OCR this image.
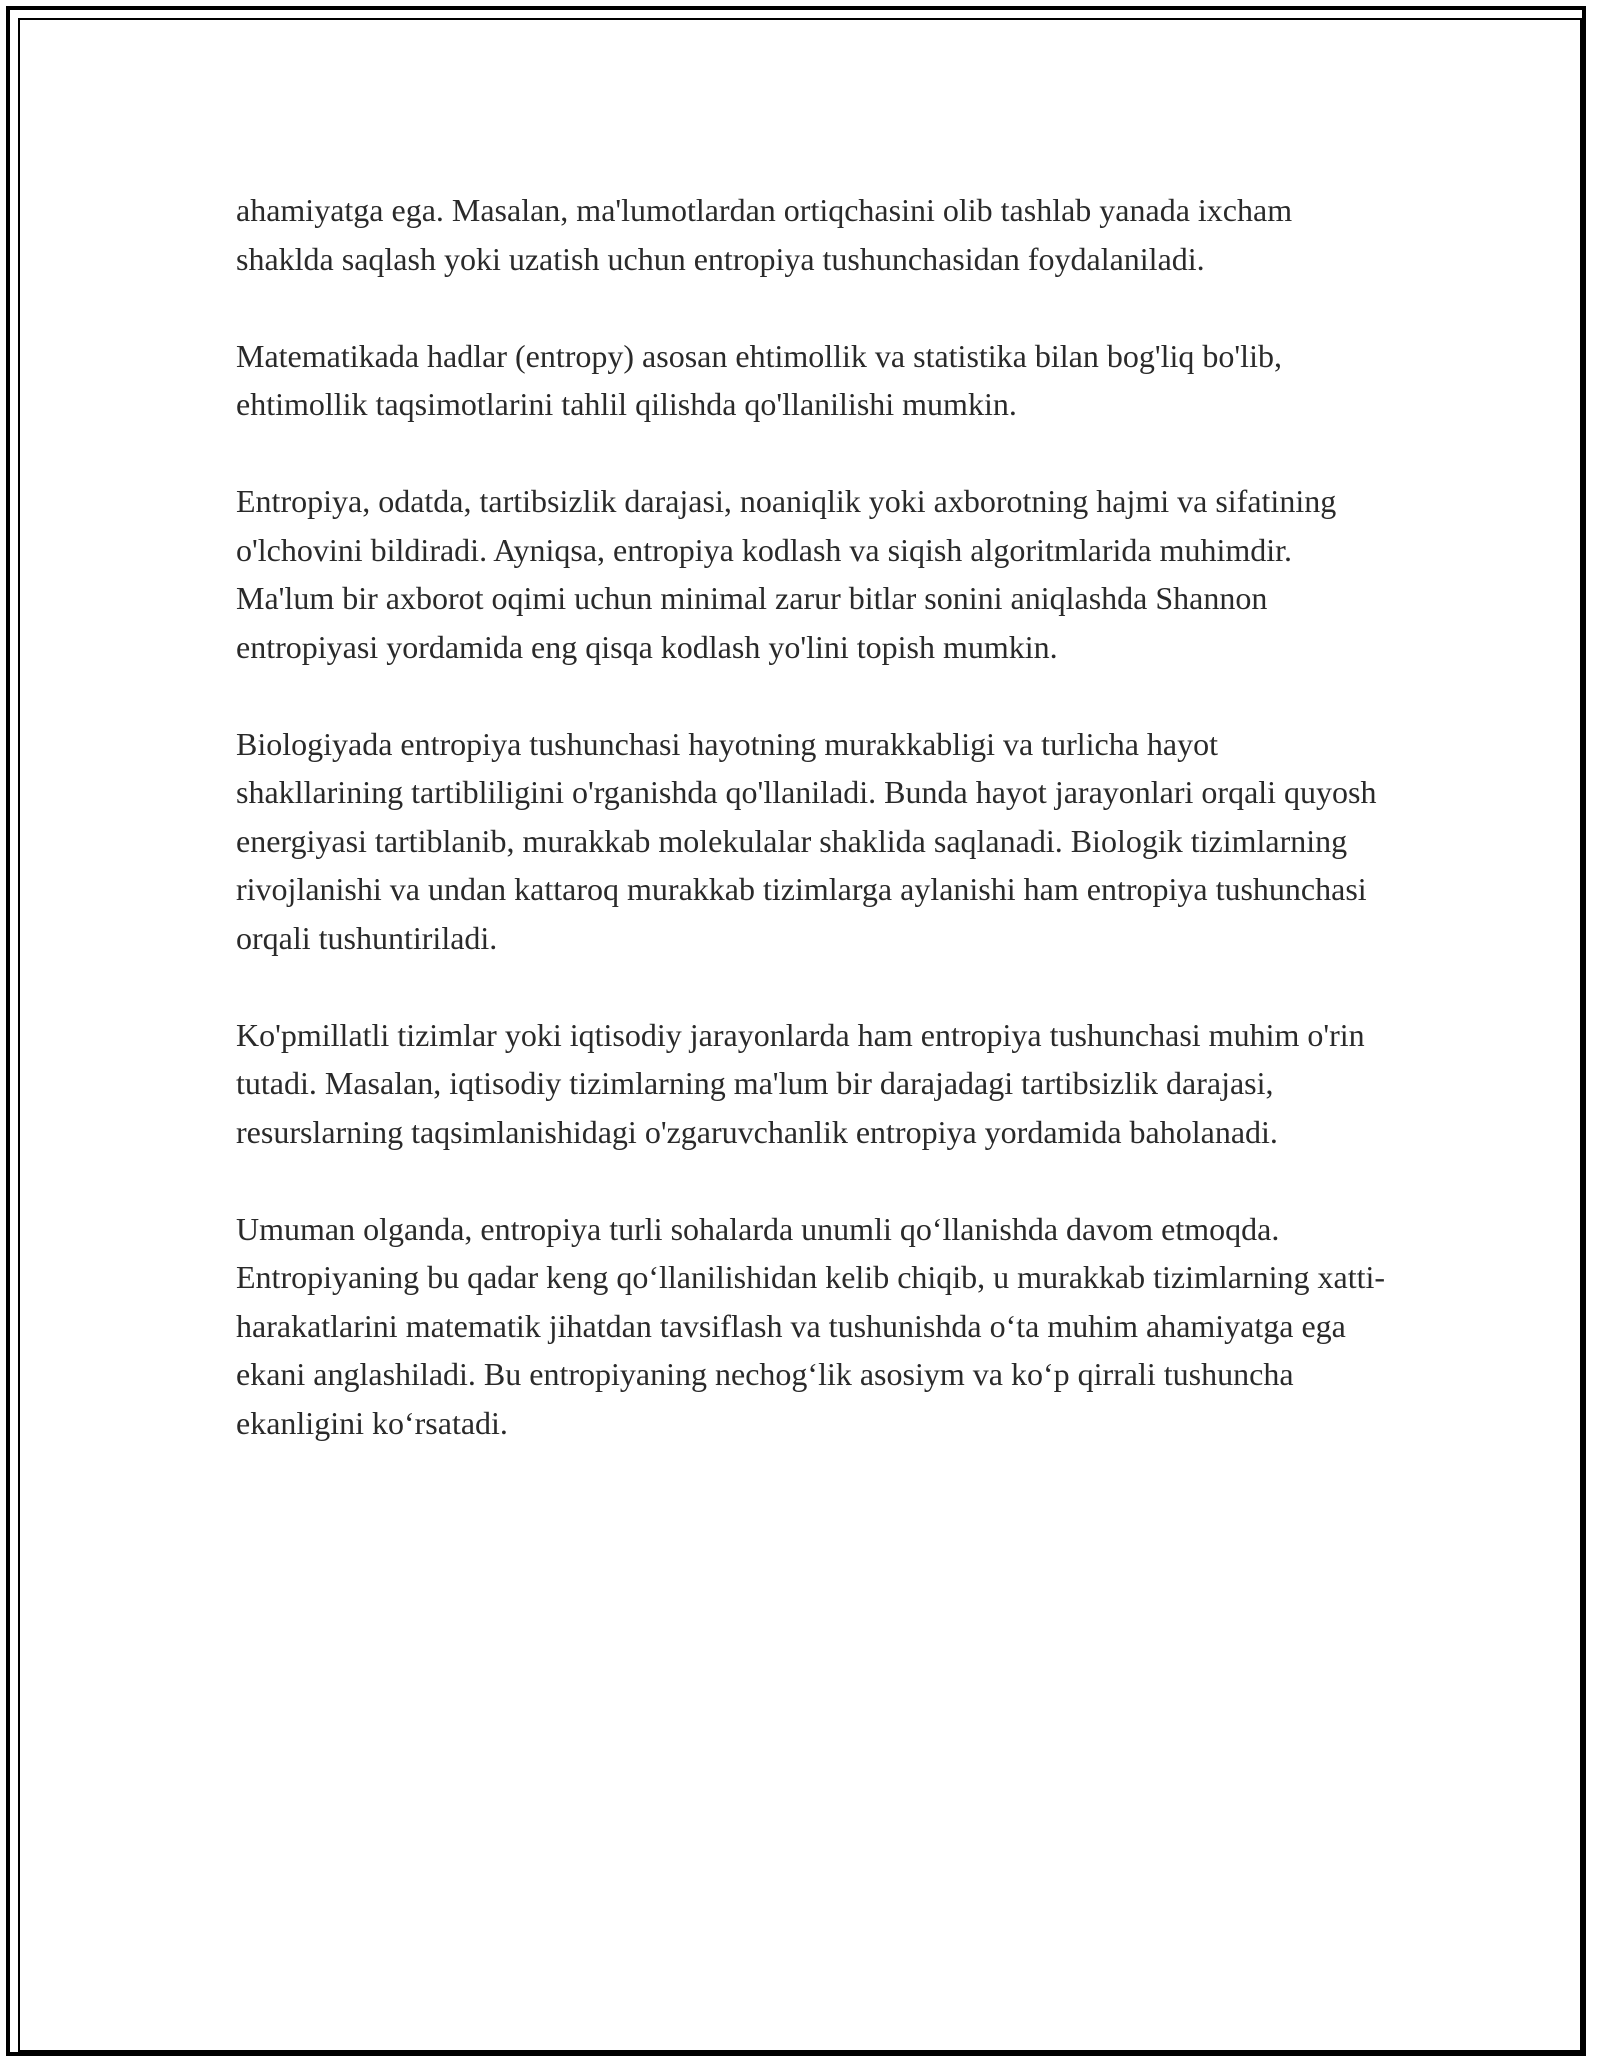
ahamiyatga ega. Masalan, ma'lumotlardan ortiqchasini olib tashlab yanada ixcham shaklda saqlash yoki uzatish uchun entropiya tushunchasidan foydalaniladi.

Matematikada hadlar (entropy) asosan ehtimollik va statistika bilan bog'liq bo'lib, ehtimollik taqsimotlarini tahlil qilishda qo'llanilishi mumkin.

Entropiya, odatda, tartibsizlik darajasi, noaniqlik yoki axborotning hajmi va sifatining o'lchovini bildiradi. Ayniqsa, entropiya kodlash va siqish algoritmlarida muhimdir. Ma'lum bir axborot oqimi uchun minimal zarur bitlar sonini aniqlashda Shannon entropiyasi yordamida eng qisqa kodlash yo'lini topish mumkin.

Biologiyada entropiya tushunchasi hayotning murakkabligi va turlicha hayot shakllarining tartibliligini o'rganishda qo'llaniladi. Bunda hayot jarayonlari orqali quyosh energiyasi tartiblanib, murakkab molekulalar shaklida saqlanadi. Biologik tizimlarning rivojlanishi va undan kattaroq murakkab tizimlarga aylanishi ham entropiya tushunchasi orqali tushuntiriladi.

Ko'pmillatli tizimlar yoki iqtisodiy jarayonlarda ham entropiya tushunchasi muhim o'rin tutadi. Masalan, iqtisodiy tizimlarning ma'lum bir darajadagi tartibsizlik darajasi, resurslarning taqsimlanishidagi o'zgaruvchanlik entropiya yordamida baholanadi.

Umuman olganda, entropiya turli sohalarda unumli qo‘llanishda davom etmoqda. Entropiyaning bu qadar keng qo‘llanilishidan kelib chiqib, u murakkab tizimlarning xatti-harakatlarini matematik jihatdan tavsiflash va tushunishda o‘ta muhim ahamiyatga ega ekani anglashiladi. Bu entropiyaning nechog‘lik asosiym va ko‘p qirrali tushuncha ekanligini ko‘rsatadi.
